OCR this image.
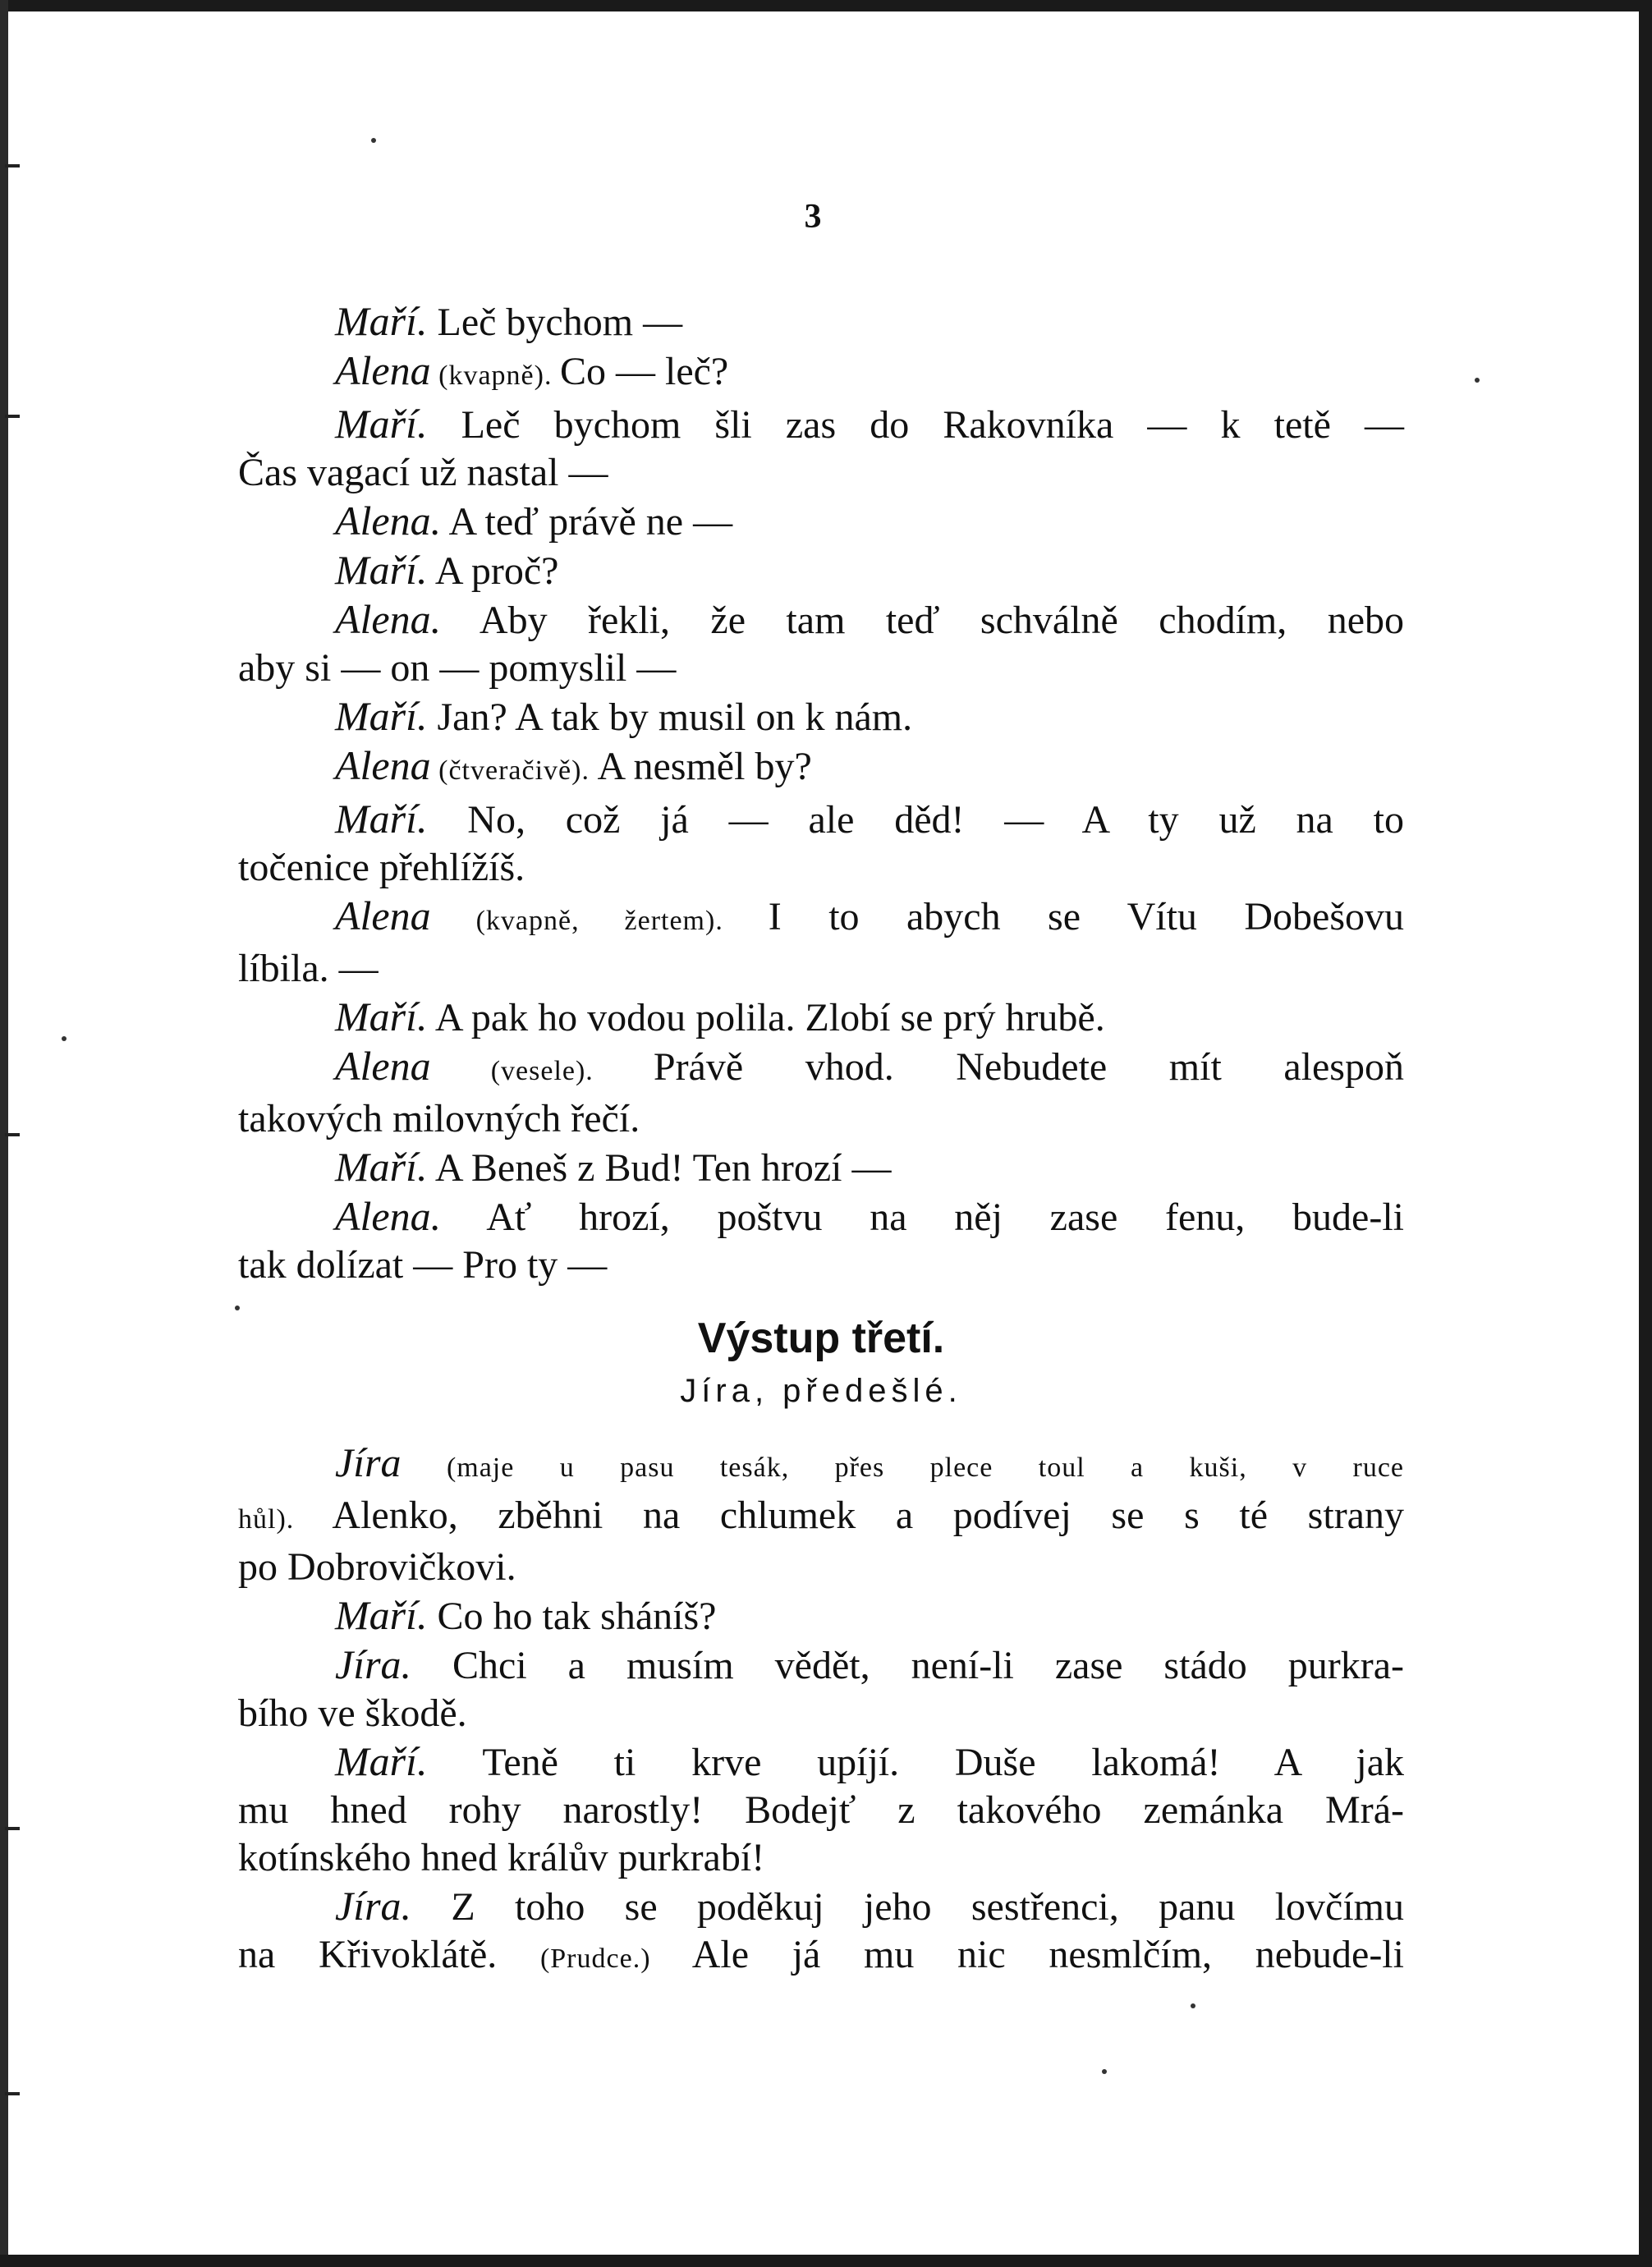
3
Maří. Leč bychom —
Alena (kvapně). Co — leč?
Maří. Leč bychom šli zas do Rakovníka — k tetě —
Čas vagací už nastal —
Alena. A teď právě ne —
Maří. A proč?
Alena. Aby řekli, že tam teď schválně chodím, nebo
aby si — on — pomyslil —
Maří. Jan? A tak by musil on k nám.
Alena (čtveračivě). A nesměl by?
Maří. No, což já — ale děd! — A ty už na to
točenice přehlížíš.
Alena (kvapně, žertem). I to abych se Vítu Dobešovu
líbila. —
Maří. A pak ho vodou polila. Zlobí se prý hrubě.
Alena (vesele). Právě vhod. Nebudete mít alespoň
takových milovných řečí.
Maří. A Beneš z Bud! Ten hrozí —
Alena. Ať hrozí, poštvu na něj zase fenu, bude-li
tak dolízat — Pro ty —
Výstup třetí.
Jíra, předešlé.
Jíra (maje u pasu tesák, přes plece toul a kuši, v ruce
hůl). Alenko, zběhni na chlumek a podívej se s té strany
po Dobrovičkovi.
Maří. Co ho tak sháníš?
Jíra. Chci a musím vědět, není-li zase stádo purkra-
bího ve škodě.
Maří. Teně ti krve upíjí. Duše lakomá! A jak
mu hned rohy narostly! Bodejť z takového zemánka Mrá-
kotínského hned králův purkrabí!
Jíra. Z toho se poděkuj jeho sestřenci, panu lovčímu
na Křivoklátě. (Prudce.) Ale já mu nic nesmlčím, nebude-li
